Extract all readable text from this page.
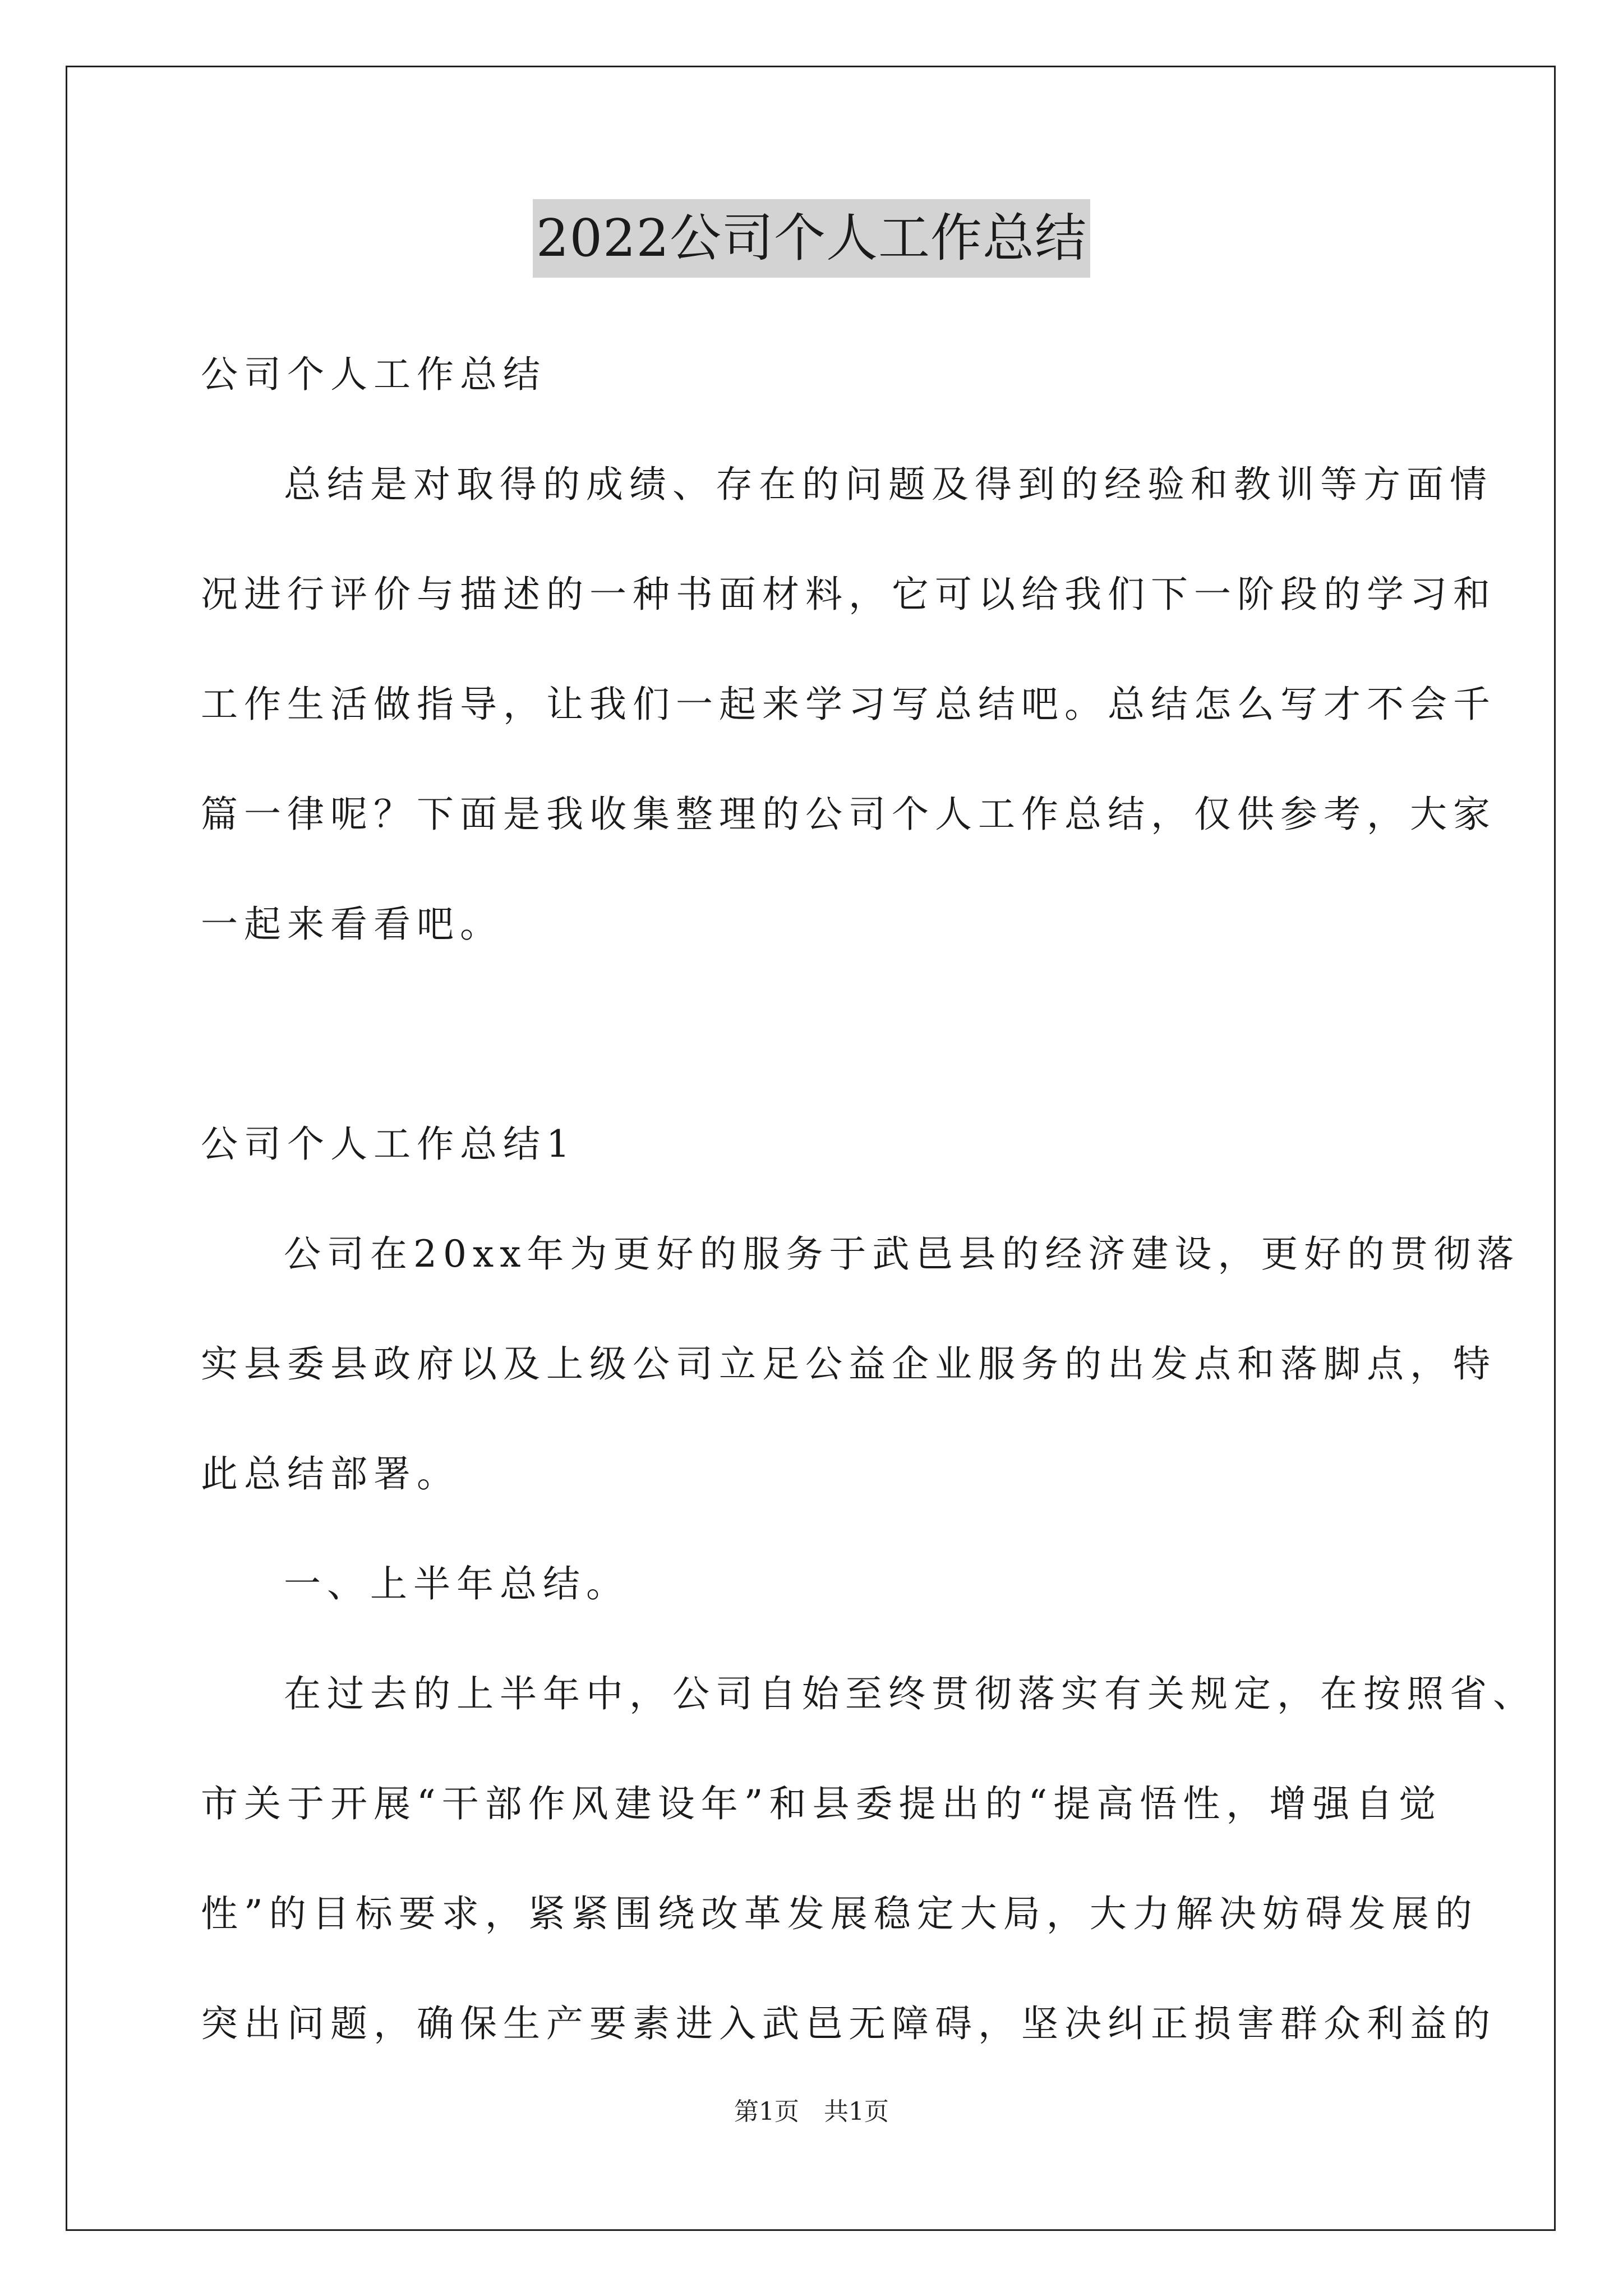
2022公司个人工作总结
公司个人工作总结
总结是对取得的成绩、存在的问题及得到的经验和教训等方面情
况进行评价与描述的一种书面材料，它可以给我们下一阶段的学习和
工作生活做指导，让我们一起来学习写总结吧。总结怎么写才不会千
篇一律呢？下面是我收集整理的公司个人工作总结，仅供参考，大家
一起来看看吧。
公司个人工作总结1
公司在20xx年为更好的服务于武邑县的经济建设，更好的贯彻落
实县委县政府以及上级公司立足公益企业服务的出发点和落脚点，特
此总结部署。
一、上半年总结。
在过去的上半年中，公司自始至终贯彻落实有关规定，在按照省、
市关于开展“干部作风建设年”和县委提出的“提高悟性，增强自觉
性”的目标要求，紧紧围绕改革发展稳定大局，大力解决妨碍发展的
突出问题，确保生产要素进入武邑无障碍，坚决纠正损害群众利益的
第1页 共1页
